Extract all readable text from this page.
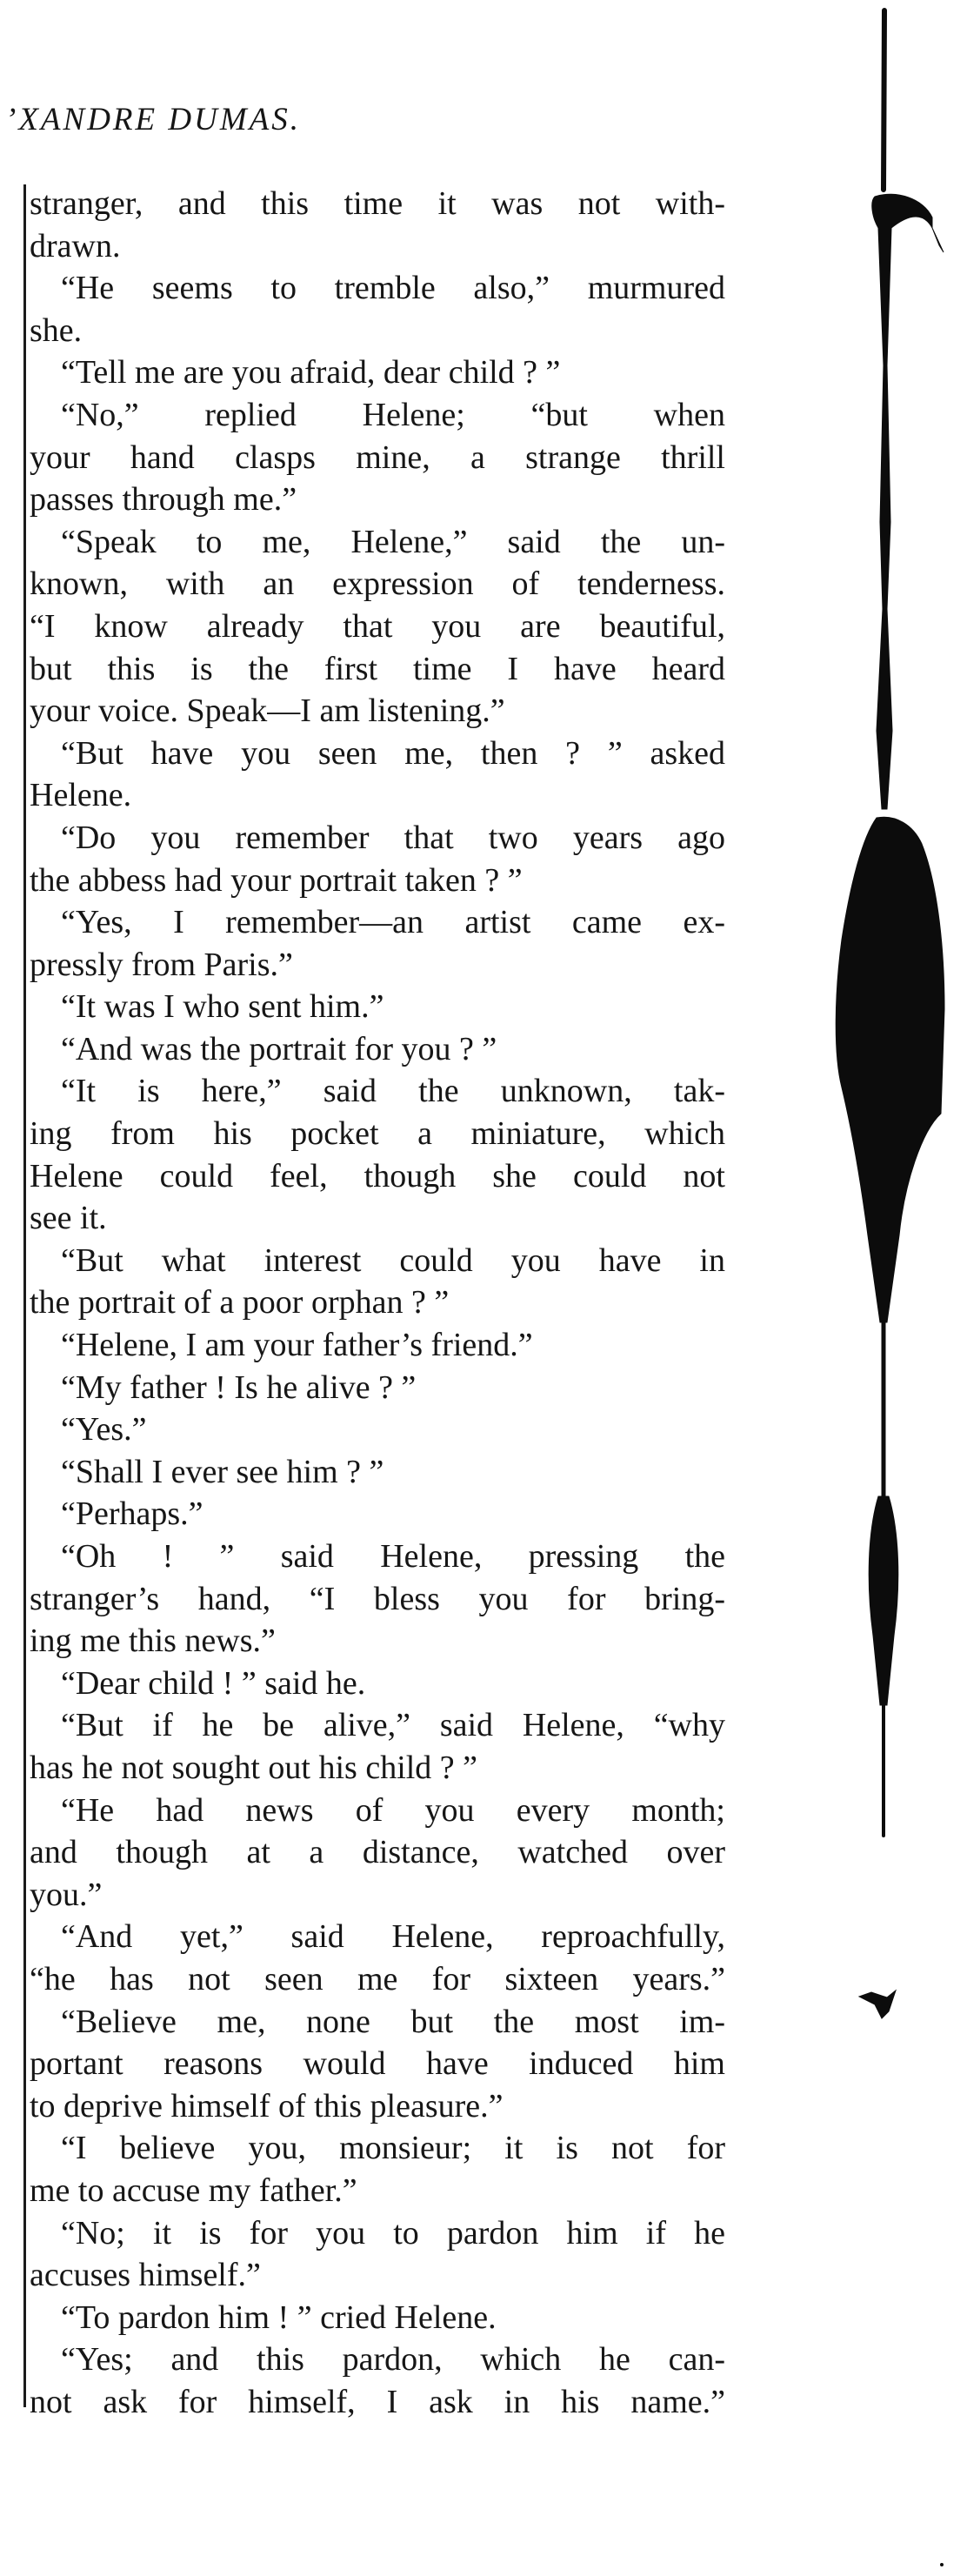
ʼXANDRE DUMAS.
stranger, and this time it was not with-
drawn.
“He seems to tremble also,” murmured
she.
“Tell me are you afraid, dear child ? ”
“No,” replied Helene; “but when
your hand clasps mine, a strange thrill
passes through me.”
“Speak to me, Helene,” said the un-
known, with an expression of tenderness.
“I know already that you are beautiful,
but this is the first time I have heard
your voice. Speak—I am listening.”
“But have you seen me, then ? ” asked
Helene.
“Do you remember that two years ago
the abbess had your portrait taken ? ”
“Yes, I remember—an artist came ex-
pressly from Paris.”
“It was I who sent him.”
“And was the portrait for you ? ”
“It is here,” said the unknown, tak-
ing from his pocket a miniature, which
Helene could feel, though she could not
see it.
“But what interest could you have in
the portrait of a poor orphan ? ”
“Helene, I am your father’s friend.”
“My father ! Is he alive ? ”
“Yes.”
“Shall I ever see him ? ”
“Perhaps.”
“Oh ! ” said Helene, pressing the
stranger’s hand, “I bless you for bring-
ing me this news.”
“Dear child ! ” said he.
“But if he be alive,” said Helene, “why
has he not sought out his child ? ”
“He had news of you every month;
and though at a distance, watched over
you.”
“And yet,” said Helene, reproachfully,
“he has not seen me for sixteen years.”
“Believe me, none but the most im-
portant reasons would have induced him
to deprive himself of this pleasure.”
“I believe you, monsieur; it is not for
me to accuse my father.”
“No; it is for you to pardon him if he
accuses himself.”
“To pardon him ! ” cried Helene.
“Yes; and this pardon, which he can-
not ask for himself, I ask in his name.”
